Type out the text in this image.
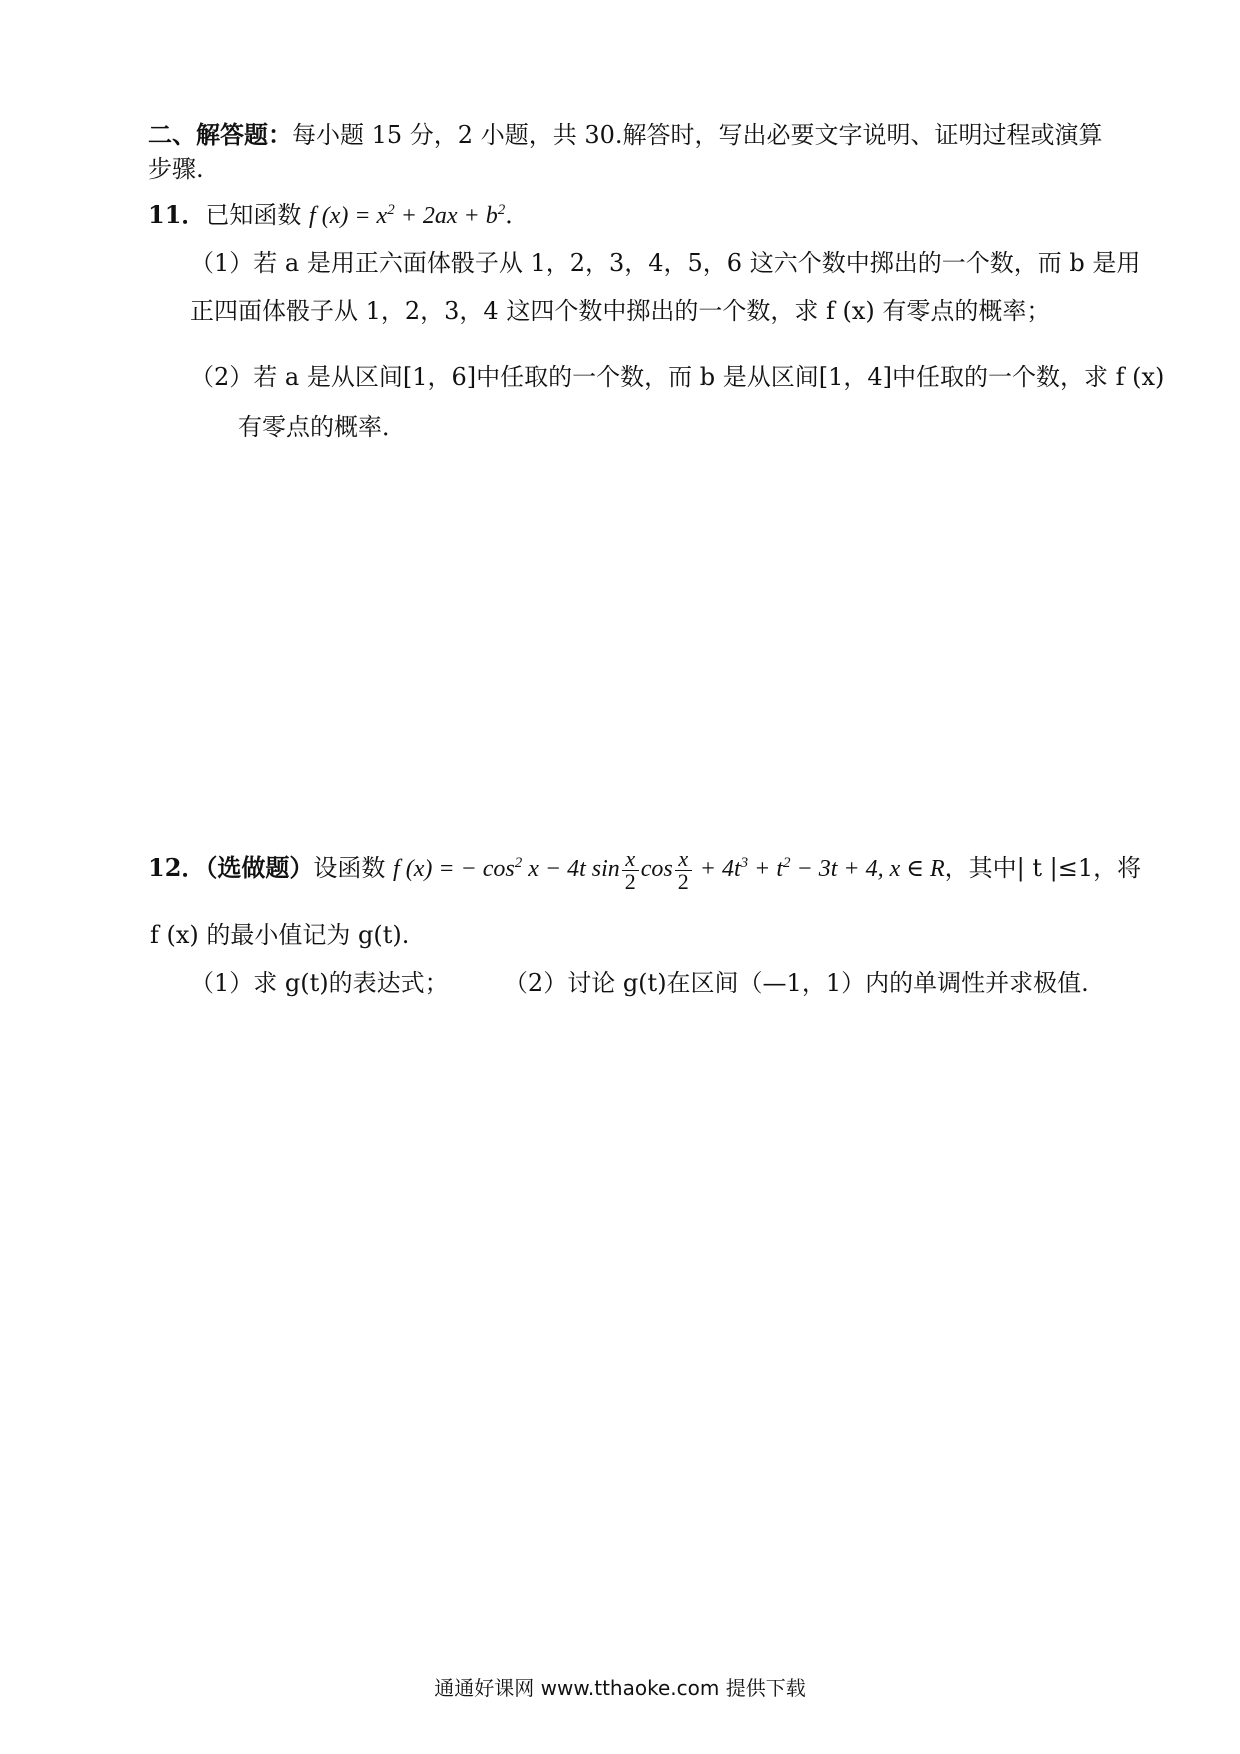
二、解答题：每小题 15 分，2 小题，共 30.解答时，写出必要文字说明、证明过程或演算
步骤.
11．已知函数 f $(x) = x^2 + 2ax + b^2$．
（1）若 a 是用正六面体骰子从 1，2，3，4，5，6 这六个数中掷出的一个数，而 b 是用
正四面体骰子从 1，2，3，4 这四个数中掷出的一个数，求 f (x) 有零点的概率；
（2）若 a 是从区间[1，6]中任取的一个数，而 b 是从区间[1，4]中任取的一个数，求 f (x)
有零点的概率．
12．（选做题）设函数 f (x) = − $\cos^2 x - 4t$ $\sin \frac{x}{2}$ $\cos \frac{x}{2} + 4t^3 + t^2 - 3t + 4$, x ∈ R，其中| t |≤1，将
f (x) 的最小值记为 g(t).
（1）求 g(t)的表达式； （2）讨论 g(t)在区间（—1，1）内的单调性并求极值.
通通好课网 www.tthaoke.com 提供下载
